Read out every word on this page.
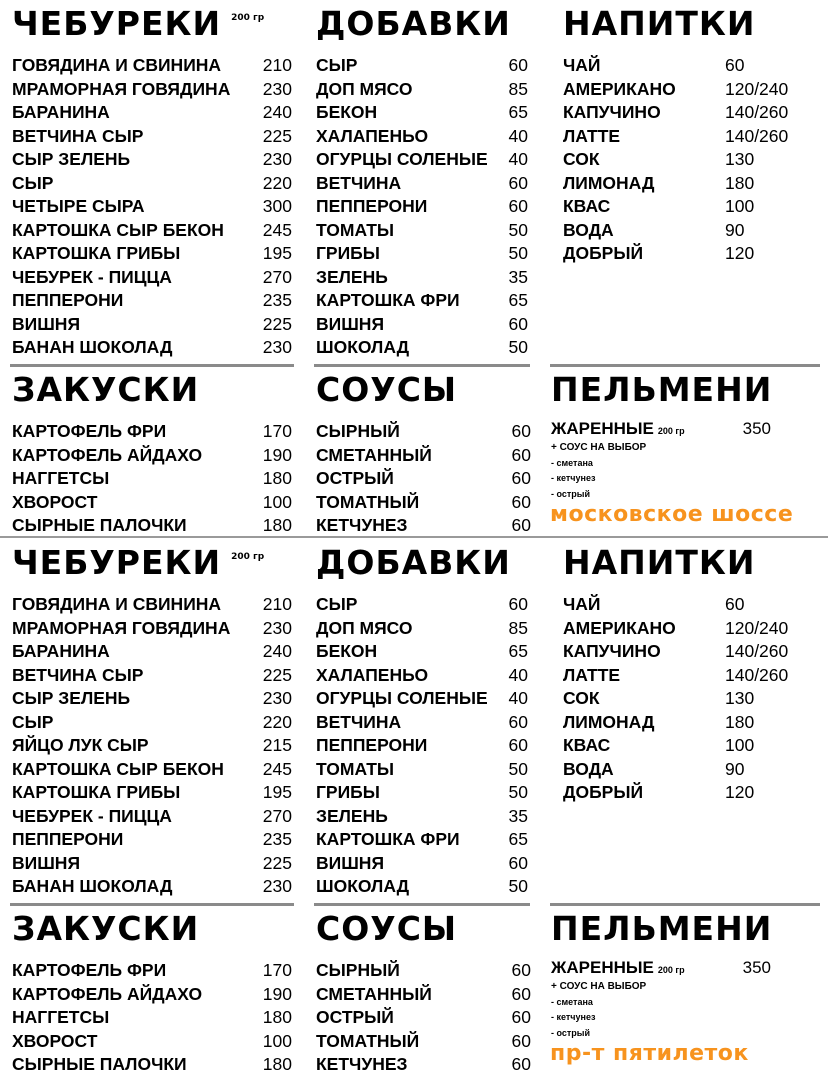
ЧЕБУРЕКИ 200 гр
ГОВЯДИНА И СВИНИНА 210
МРАМОРНАЯ ГОВЯДИНА 230
БАРАНИНА	240
ВЕТЧИНА СЫР	225
СЫР ЗЕЛЕНЬ	230
СЫР	220
ЧЕТЫРЕ СЫРА	300
КАРТОШКА СЫР БЕКОН 245
КАРТОШКА ГРИБЫ	195
ЧЕБУРЕК - ПИЦЦА	270
ПЕППЕРОНИ	235
ВИШНЯ	225
БАНАН ШОКОЛАД	230
ДОБАВКИ
СЫР	60
ДОП МЯСО	85
БЕКОН	65
ХАЛАПЕНЬО	40
ОГУРЦЫ СОЛЕНЫЕ 40
ВЕТЧИНА	60
ПЕППЕРОНИ	60
ТОМАТЫ	50
ГРИБЫ	50
ЗЕЛЕНЬ	35
КАРТОШКА ФРИ	65
ВИШНЯ	60
ШОКОЛАД	50
НАПИТКИ
ЧАЙ	60
АМЕРИКАНО	120/240
КАПУЧИНО	140/260
ЛАТТЕ	140/260
СОК	130
ЛИМОНАД	180
КВАС	100
ВОДА	90
ДОБРЫЙ	120
ЗАКУСКИ
КАРТОФЕЛЬ ФРИ	170
КАРТОФЕЛЬ АЙДАХО	190
НАГГЕТСЫ	180
ХВОРОСТ	100
СЫРНЫЕ ПАЛОЧКИ	180
СОУСЫ
СЫРНЫЙ	60
СМЕТАННЫЙ	60
ОСТРЫЙ	60
ТОМАТНЫЙ	60
КЕТЧУНЕЗ	60
ПЕЛЬМЕНИ
ЖАРЕННЫЕ 200 гр	350
+ СОУС НА ВЫБОР
- сметана
- кетчунез
- острый
московское шоссе
ЧЕБУРЕКИ 200 гр
ГОВЯДИНА И СВИНИНА 210
МРАМОРНАЯ ГОВЯДИНА 230
БАРАНИНА	240
ВЕТЧИНА СЫР	225
СЫР ЗЕЛЕНЬ	230
СЫР	220
ЯЙЦО ЛУК СЫР	215
КАРТОШКА СЫР БЕКОН 245
КАРТОШКА ГРИБЫ	195
ЧЕБУРЕК - ПИЦЦА	270
ПЕППЕРОНИ	235
ВИШНЯ	225
БАНАН ШОКОЛАД	230
ДОБАВКИ
СЫР	60
ДОП МЯСО	85
БЕКОН	65
ХАЛАПЕНЬО	40
ОГУРЦЫ СОЛЕНЫЕ 40
ВЕТЧИНА	60
ПЕППЕРОНИ	60
ТОМАТЫ	50
ГРИБЫ	50
ЗЕЛЕНЬ	35
КАРТОШКА ФРИ	65
ВИШНЯ	60
ШОКОЛАД	50
НАПИТКИ
ЧАЙ	60
АМЕРИКАНО	120/240
КАПУЧИНО	140/260
ЛАТТЕ	140/260
СОК	130
ЛИМОНАД	180
КВАС	100
ВОДА	90
ДОБРЫЙ	120
ЗАКУСКИ
КАРТОФЕЛЬ ФРИ	170
КАРТОФЕЛЬ АЙДАХО	190
НАГГЕТСЫ	180
ХВОРОСТ	100
СЫРНЫЕ ПАЛОЧКИ	180
СОУСЫ
СЫРНЫЙ	60
СМЕТАННЫЙ	60
ОСТРЫЙ	60
ТОМАТНЫЙ	60
КЕТЧУНЕЗ	60
ПЕЛЬМЕНИ
ЖАРЕННЫЕ 200 гр	350
+ СОУС НА ВЫБОР
- сметана
- кетчунез
- острый
пр-т пятилеток
